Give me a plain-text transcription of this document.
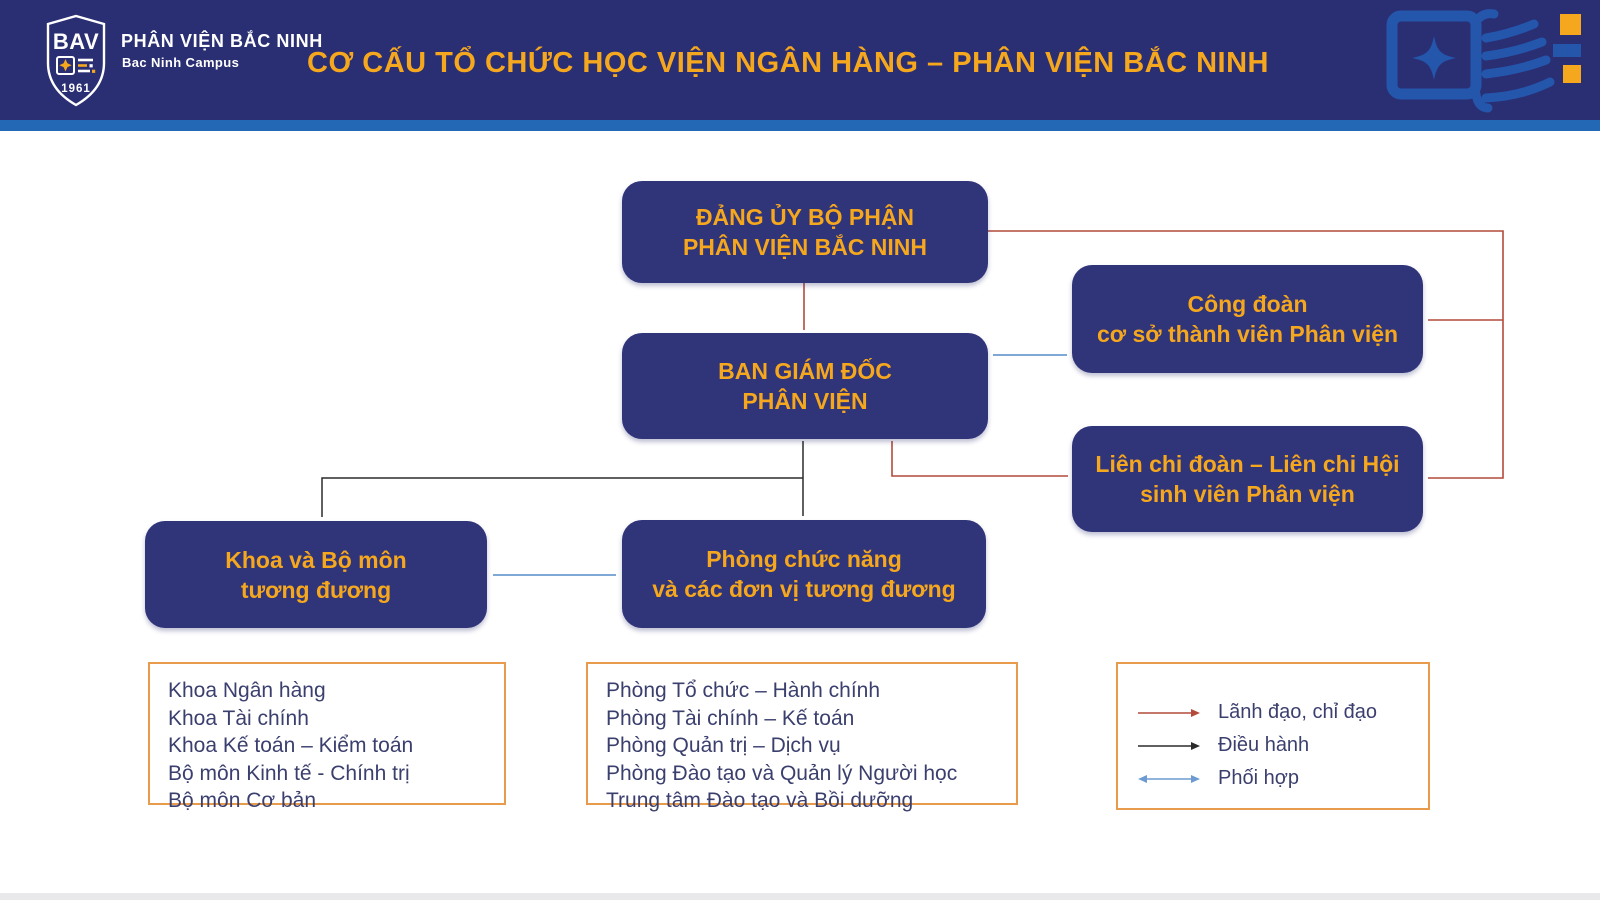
BAV
1961
PHÂN VIỆN BẮC NINH
Bac Ninh Campus	CƠ CẤU TỔ CHỨC HỌC VIỆN NGÂN HÀNG – PHÂN VIỆN BẮC NINH
ĐẢNG ỦY BỘ PHẬN
PHÂN VIỆN BẮC NINH
BAN GIÁM ĐỐC
PHÂN VIỆN
Công đoàn
cơ sở thành viên Phân viện
Liên chi đoàn – Liên chi Hội
sinh viên Phân viện
Khoa và Bộ môn
tương đương
Phòng chức năng
và các đơn vị tương đương
Khoa Ngân hàng
Khoa Tài chính
Khoa Kế toán – Kiểm toán
Bộ môn Kinh tế - Chính trị
Bộ môn Cơ bản
Phòng Tổ chức – Hành chính
Phòng Tài chính – Kế toán
Phòng Quản trị – Dịch vụ
Phòng Đào tạo và Quản lý Người học
Trung tâm Đào tạo và Bồi dưỡng
Lãnh đạo, chỉ đạo
Điều hành
Phối hợp
